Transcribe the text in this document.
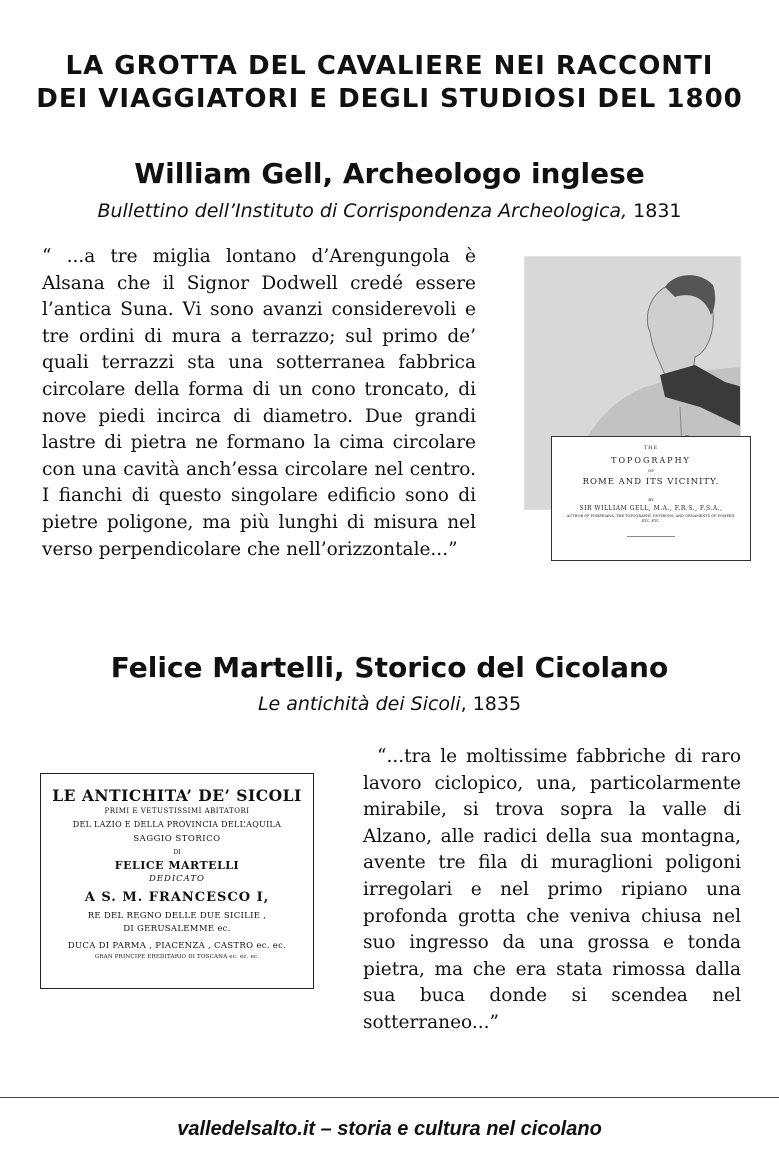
LA GROTTA DEL CAVALIERE NEI RACCONTI
DEI VIAGGIATORI E DEGLI STUDIOSI DEL 1800
William Gell, Archeologo inglese
Bullettino dell’Instituto di Corrispondenza Archeologica, 1831
“ ...a tre miglia lontano d’Arengungola è Alsana che il Signor Dodwell credé essere l’antica Suna. Vi sono avanzi considerevoli e tre ordini di mura a terrazzo; sul primo de’ quali terrazzi sta una sotterranea fabbrica circolare della forma di un cono troncato, di nove piedi incirca di diametro. Due grandi lastre di pietra ne formano la cima circolare con una cavità anch’essa circolare nel centro. I fianchi di questo singolare edificio sono di pietre poligone, ma più lunghi di misura nel verso perpendicolare che nell’orizzontale...”
THE
TOPOGRAPHY
OF
ROME AND ITS VICINITY.
BY
SIR WILLIAM GELL, M.A., F.R.S., F.S.A.,
AUTHOR OF POMPEIANA, THE TOPOGRAPHY, ENVIRONS, AND ORNAMENTS OF POMPEII, ETC. ETC.
Felice Martelli, Storico del Cicolano
Le antichità dei Sicoli, 1835
LE ANTICHITA’ DE’ SICOLI
PRIMI E VETUSTISSIMI ABITATORI
DEL LAZIO E DELLA PROVINCIA DELL’AQUILA
SAGGIO STORICO
DI
FELICE MARTELLI
DEDICATO
A S. M. FRANCESCO I,
RE DEL REGNO DELLE DUE SICILIE ,
DI GERUSALEMME ec.
DUCA DI PARMA , PIACENZA , CASTRO ec. ec.
GRAN PRINCIPE EREDITARIO DI TOSCANA ec. ec. ec.
“...tra le moltissime fabbriche di raro lavoro ciclopico, una, particolarmente mirabile, si trova sopra la valle di Alzano, alle radici della sua montagna, avente tre fila di muraglioni poligoni irregolari e nel primo ripiano una profonda grotta che veniva chiusa nel suo ingresso da una grossa e tonda pietra, ma che era stata rimossa dalla sua buca donde si scendea nel sotterraneo...”
valledelsalto.it – storia e cultura nel cicolano
